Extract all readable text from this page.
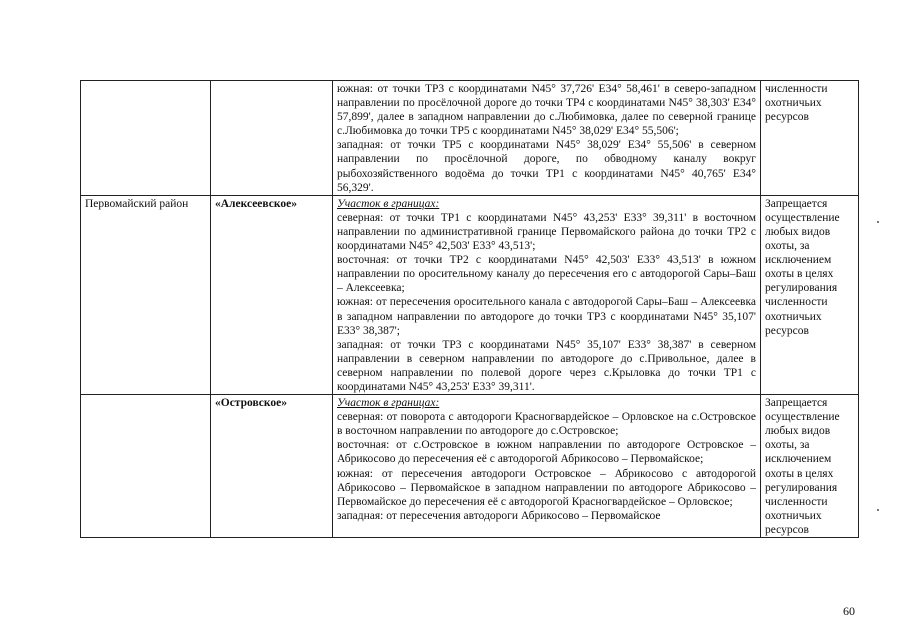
		южная: от точки ТР3 с координатами N45° 37,726' E34° 58,461' в северо-западном направлении по просёлочной дороге до точки ТР4 с координатами N45° 38,303' E34° 57,899', далее в западном направлении до с.Любимовка, далее по северной границе с.Любимовка до точки ТР5 с координатами N45° 38,029' E34° 55,506';

западная: от точки ТР5 с координатами N45° 38,029' E34° 55,506' в северном направлении по просёлочной дороге, по обводному каналу вокруг рыбохозяйственного водоёма до точки ТР1 с координатами N45° 40,765' E34° 56,329'.	численности охотничьих ресурсов

Первомайский район	«Алексеевское»	Участок в границах:

северная: от точки ТР1 с координатами N45° 43,253' E33° 39,311' в восточном направлении по административной границе Первомайского района до точки ТР2 с координатами N45° 42,503' E33° 43,513';

восточная: от точки ТР2 с координатами N45° 42,503' E33° 43,513' в южном направлении по оросительному каналу до пересечения его с автодорогой Сары–Баш – Алексеевка;

южная: от пересечения оросительного канала с автодорогой Сары–Баш – Алексеевка в западном направлении по автодороге до точки ТР3 с координатами N45° 35,107' E33° 38,387';

западная: от точки ТР3 с координатами N45° 35,107' E33° 38,387' в северном направлении в северном направлении по автодороге до с.Привольное, далее в северном направлении по полевой дороге через с.Крыловка до точки ТР1 с координатами N45° 43,253' E33° 39,311'.	Запрещается осуществление любых видов охоты, за исключением охоты в целях регулирования численности охотничьих ресурсов

	«Островское»	Участок в границах:

северная: от поворота с автодороги Красногвардейское – Орловское на с.Островское в восточном направлении по автодороге до с.Островское;

восточная: от с.Островское в южном направлении по автодороге Островское – Абрикосово до пересечения её с автодорогой Абрикосово – Первомайское;

южная: от пересечения автодороги Островское – Абрикосово с автодорогой Абрикосово – Первомайское в западном направлении по автодороге Абрикосово – Первомайское до пересечения её с автодорогой Красногвардейское – Орловское;

западная: от пересечения автодороги Абрикосово – Первомайское	Запрещается осуществление любых видов охоты, за исключением охоты в целях регулирования численности охотничьих ресурсов

60
